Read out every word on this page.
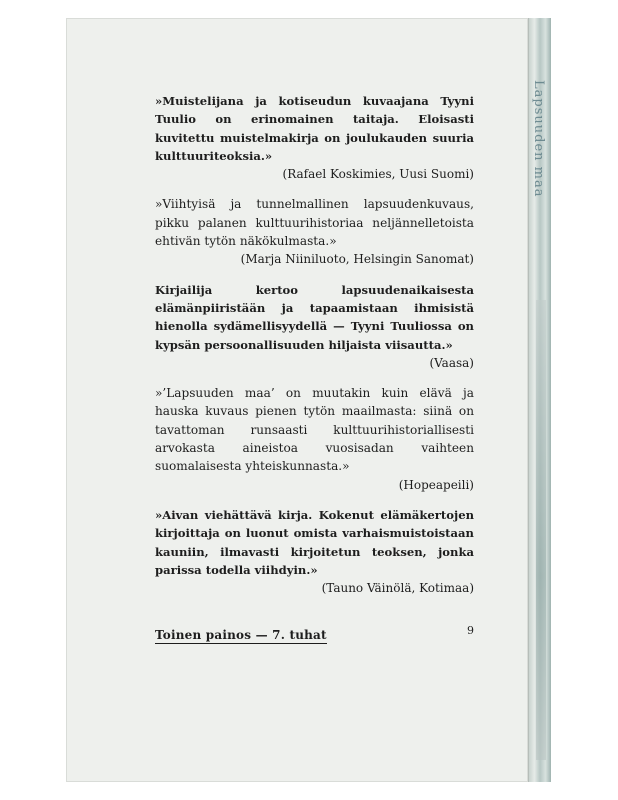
Lapsuuden maa

»Muistelijana ja kotiseudun kuvaajana Tyyni Tuulio on erinomainen taitaja. Eloisasti kuvitettu muistelmakirja on joulukauden suuria kulttuuriteoksia.»

(Rafael Koskimies, Uusi Suomi)

»Viihtyisä ja tunnelmallinen lapsuudenkuvaus, pikku palanen kulttuurihistoriaa neljännelletoista ehtivän tytön näkökulmasta.»

(Marja Niiniluoto, Helsingin Sanomat)

Kirjailija kertoo lapsuudenaikaisesta elämänpiiristään ja tapaamistaan ihmisistä hienolla sydämellisyydellä — Tyyni Tuuliossa on kypsän persoonallisuuden hiljaista viisautta.»

(Vaasa)

»’Lapsuuden maa’ on muutakin kuin elävä ja hauska kuvaus pienen tytön maailmasta: siinä on tavattoman runsaasti kulttuurihistoriallisesti arvokasta aineistoa vuosisadan vaihteen suomalaisesta yhteiskunnasta.»

(Hopeapeili)

»Aivan viehättävä kirja. Kokenut elämäkertojen kirjoittaja on luonut omista varhaismuistoistaan kauniin, ilmavasti kirjoitetun teoksen, jonka parissa todella viihdyin.»

(Tauno Väinölä, Kotimaa)

Toinen painos — 7. tuhat	9
